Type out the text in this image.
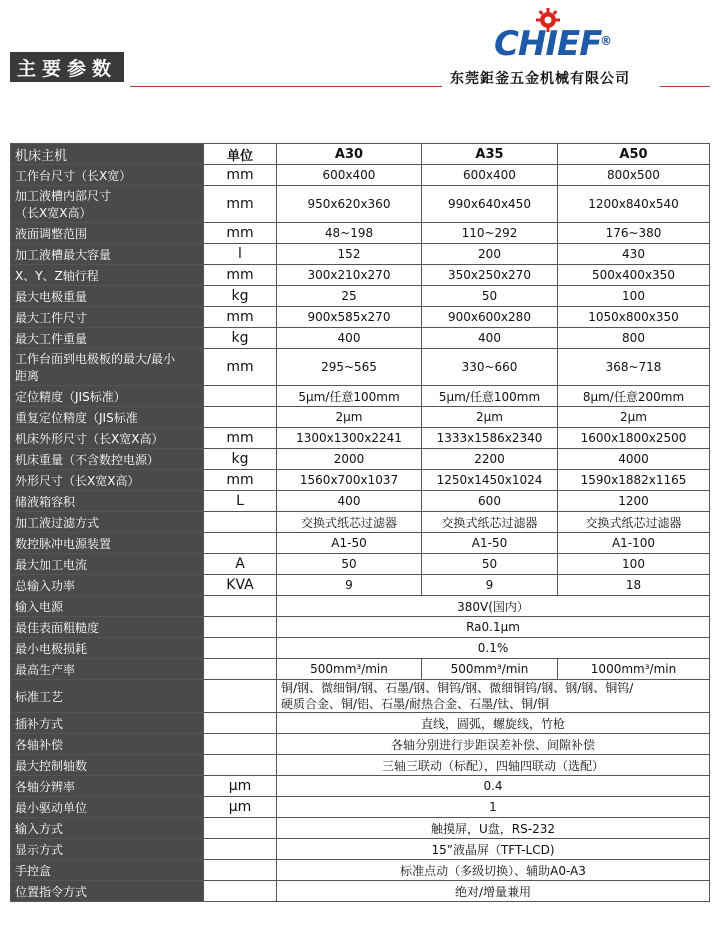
主要参数	东莞鉅釜五金机械有限公司
CHIEF
®
机床主机	单位	A30	A35	A50
工作台尺寸（长X宽）	mm	600x400	600x400	800x500
加工液槽内部尺寸
（长X宽X高）	mm	950x620x360	990x640x450	1200x840x540
液面调整范围	mm	48~198	110~292	176~380
加工液槽最大容量	l	152	200	430
X、Y、Z轴行程	mm	300x210x270	350x250x270	500x400x350
最大电极重量	kg	25	50	100
最大工件尺寸	mm	900x585x270	900x600x280	1050x800x350
最大工件重量	kg	400	400	800
工作台面到电极板的最大/最小
距离	mm	295~565	330~660	368~718
定位精度（JIS标准）		5μm/任意100mm	5μm/任意100mm	8μm/任意200mm
重复定位精度（JIS标准		2μm	2μm	2μm
机床外形尺寸（长X宽X高）	mm	1300x1300x2241	1333x1586x2340	1600x1800x2500
机床重量（不含数控电源）	kg	2000	2200	4000
外形尺寸（长X宽X高）	mm	1560x700x1037	1250x1450x1024	1590x1882x1165
储液箱容积	L	400	600	1200
加工液过滤方式		交换式纸芯过滤器	交换式纸芯过滤器	交换式纸芯过滤器
数控脉冲电源装置		A1-50	A1-50	A1-100
最大加工电流	A	50	50	100
总输入功率	KVA	9	9	18
输入电源		380V(国内）		
最佳表面粗糙度		Ra0.1μm		
最小电极损耗		0.1%		
最高生产率		500mm³/min	500mm³/min	1000mm³/min
标准工艺		铜/钢、微细铜/钢、石墨/钢、铜钨/钢、微细铜钨/钢、钢/钢、铜钨/
硬质合金、铜/铝、石墨/耐热合金、石墨/钛、铜/铜		
插补方式		直线，圆弧，螺旋线，竹枪		
各轴补偿		各轴分别进行步距误差补偿、间隙补偿		
最大控制轴数		三轴三联动（标配），四轴四联动（选配）		
各轴分辨率	μm	0.4		
最小驱动单位	μm	1		
输入方式		触摸屏，U盘，RS-232		
显示方式		15”液晶屏（TFT-LCD)		
手控盒		标准点动（多级切换）、辅助A0-A3		
位置指令方式		绝对/增量兼用		
